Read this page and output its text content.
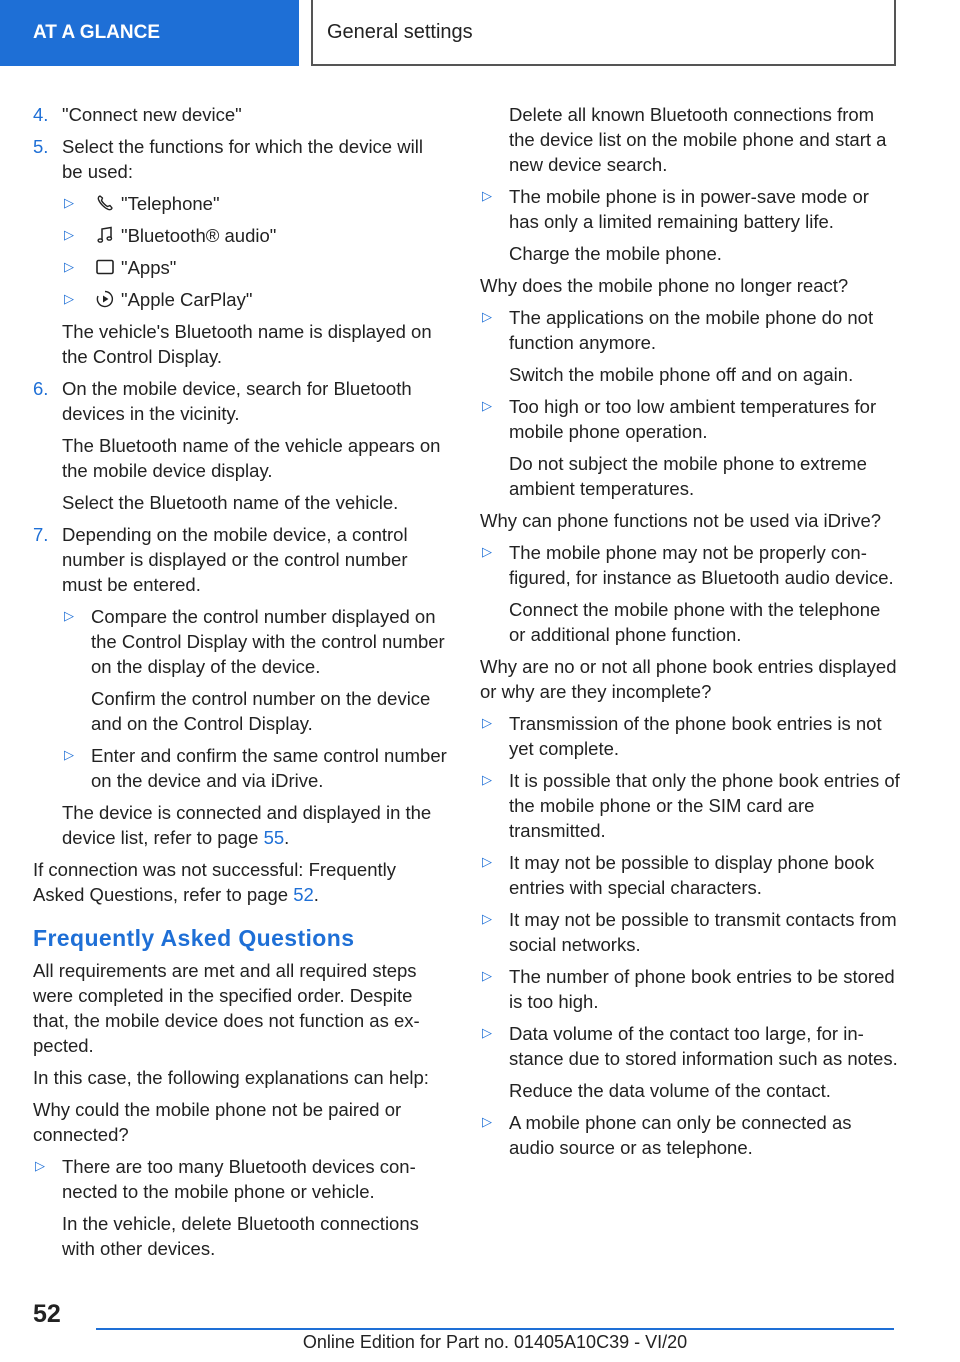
AT A GLANCE	General settings
4. "Connect new device"

5. Select the functions for which the device will be used:

▷	"Telephone"
▷	"Bluetooth® audio"
▷	"Apps"
▷	"Apple CarPlay"

The vehicle's Bluetooth name is displayed on the Control Display.

6. On the mobile device, search for Bluetooth devices in the vicinity.

The Bluetooth name of the vehicle appears on the mobile device display.

Select the Bluetooth name of the vehicle.

7. Depending on the mobile device, a control number is displayed or the control number must be entered.

▷ Compare the control number displayed on the Control Display with the control number on the display of the device.

Confirm the control number on the device and on the Control Display.

▷ Enter and confirm the same control number on the device and via iDrive.

The device is connected and displayed in the device list, refer to page 55.

If connection was not successful: Frequently Asked Questions, refer to page 52.

Frequently Asked Questions

All requirements are met and all required steps were completed in the specified order. Despite that, the mobile device does not function as expected.

In this case, the following explanations can help:

Why could the mobile phone not be paired or connected?

▷ There are too many Bluetooth devices connected to the mobile phone or vehicle.

In the vehicle, delete Bluetooth connections with other devices.

Delete all known Bluetooth connections from the device list on the mobile phone and start a new device search.

▷ The mobile phone is in power-save mode or has only a limited remaining battery life.

Charge the mobile phone.

Why does the mobile phone no longer react?

▷ The applications on the mobile phone do not function anymore.

Switch the mobile phone off and on again.

▷ Too high or too low ambient temperatures for mobile phone operation.

Do not subject the mobile phone to extreme ambient temperatures.

Why can phone functions not be used via iDrive?

▷ The mobile phone may not be properly configured, for instance as Bluetooth audio device.

Connect the mobile phone with the telephone or additional phone function.

Why are no or not all phone book entries displayed or why are they incomplete?

▷ Transmission of the phone book entries is not yet complete.

▷ It is possible that only the phone book entries of the mobile phone or the SIM card are transmitted.

▷ It may not be possible to display phone book entries with special characters.

▷ It may not be possible to transmit contacts from social networks.

▷ The number of phone book entries to be stored is too high.

▷ Data volume of the contact too large, for instance due to stored information such as notes.

Reduce the data volume of the contact.

▷ A mobile phone can only be connected as audio source or as telephone.

52
Online Edition for Part no. 01405A10C39 - VI/20
